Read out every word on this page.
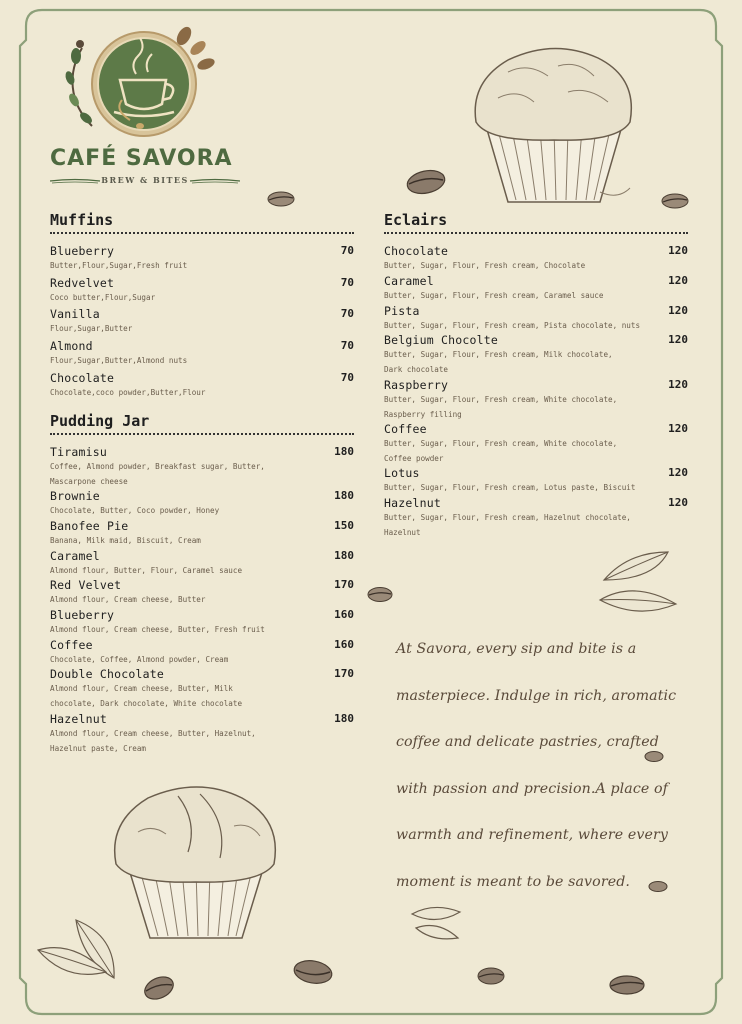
CAFÉ SAVORA
BREW & BITES
Muffins
Blueberry	70
Butter,Flour,Sugar,Fresh fruit
Redvelvet	70
Coco butter,Flour,Sugar
Vanilla	70
Flour,Sugar,Butter
Almond	70
Flour,Sugar,Butter,Almond nuts
Chocolate	70
Chocolate,coco powder,Butter,Flour
Pudding Jar
Tiramisu	180
Coffee, Almond powder, Breakfast sugar, Butter,
Mascarpone cheese
Brownie	180
Chocolate, Butter, Coco powder, Honey
Banofee Pie	150
Banana, Milk maid, Biscuit, Cream
Caramel	180
Almond flour, Butter, Flour, Caramel sauce
Red Velvet	170
Almond flour, Cream cheese, Butter
Blueberry	160
Almond flour, Cream cheese, Butter, Fresh fruit
Coffee	160
Chocolate, Coffee, Almond powder, Cream
Double Chocolate	170
Almond flour, Cream cheese, Butter, Milk
chocolate, Dark chocolate, White chocolate
Hazelnut	180
Almond flour, Cream cheese, Butter, Hazelnut,
Hazelnut paste, Cream
Eclairs
Chocolate	120
Butter, Sugar, Flour, Fresh cream, Chocolate
Caramel	120
Butter, Sugar, Flour, Fresh cream, Caramel sauce
Pista	120
Butter, Sugar, Flour, Fresh cream, Pista chocolate, nuts
Belgium Chocolte	120
Butter, Sugar, Flour, Fresh cream, Milk chocolate,
Dark chocolate
Raspberry	120
Butter, Sugar, Flour, Fresh cream, White chocolate,
Raspberry filling
Coffee	120
Butter, Sugar, Flour, Fresh cream, White chocolate,
Coffee powder
Lotus	120
Butter, Sugar, Flour, Fresh cream, Lotus paste, Biscuit
Hazelnut	120
Butter, Sugar, Flour, Fresh cream, Hazelnut chocolate,
Hazelnut
At Savora, every sip and bite is a masterpiece. Indulge in rich, aromatic coffee and delicate pastries, crafted with passion and precision.A place of warmth and refinement, where every moment is meant to be savored.
